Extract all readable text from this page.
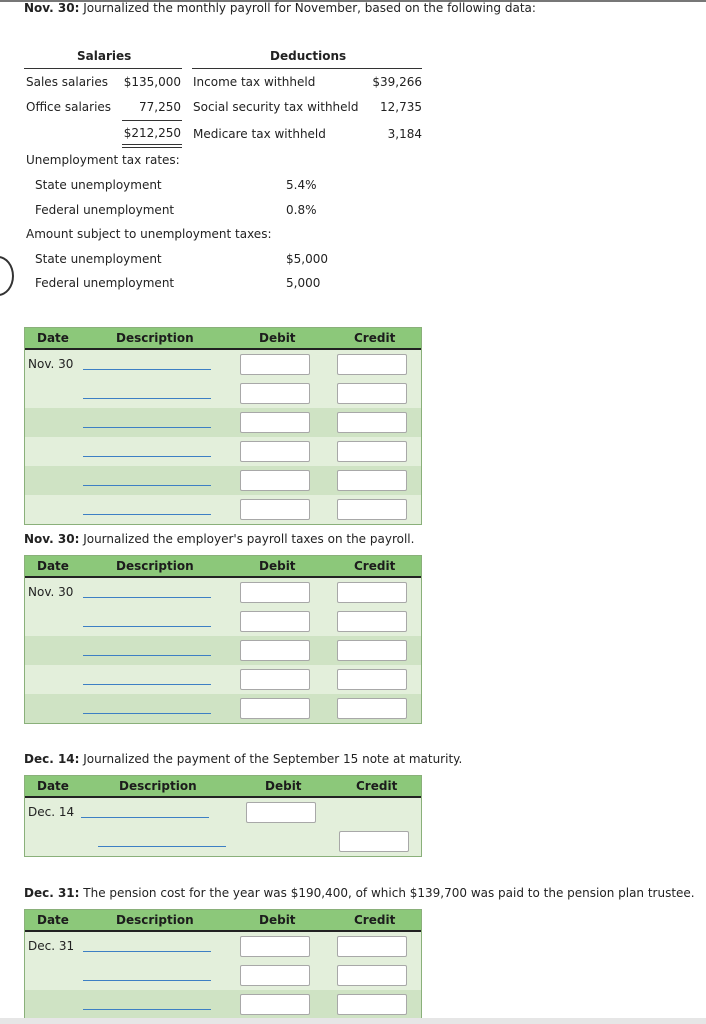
Nov. 30: Journalized the monthly payroll for November, based on the following data:
Salaries
Sales salaries	$135,000
Office salaries	77,250
$212,250
Deductions
Income tax withheld	$39,266
Social security tax withheld	12,735
Medicare tax withheld	3,184
Unemployment tax rates:
State unemployment	5.4%
Federal unemployment	0.8%
Amount subject to unemployment taxes:
State unemployment	$5,000
Federal unemployment	5,000
Date	Description	Debit	Credit
Nov. 30
Nov. 30: Journalized the employer's payroll taxes on the payroll.
Date	Description	Debit	Credit
Nov. 30
Dec. 14: Journalized the payment of the September 15 note at maturity.
Date	Description	Debit	Credit
Dec. 14
Dec. 31: The pension cost for the year was $190,400, of which $139,700 was paid to the pension plan trustee.
Date	Description	Debit	Credit
Dec. 31
